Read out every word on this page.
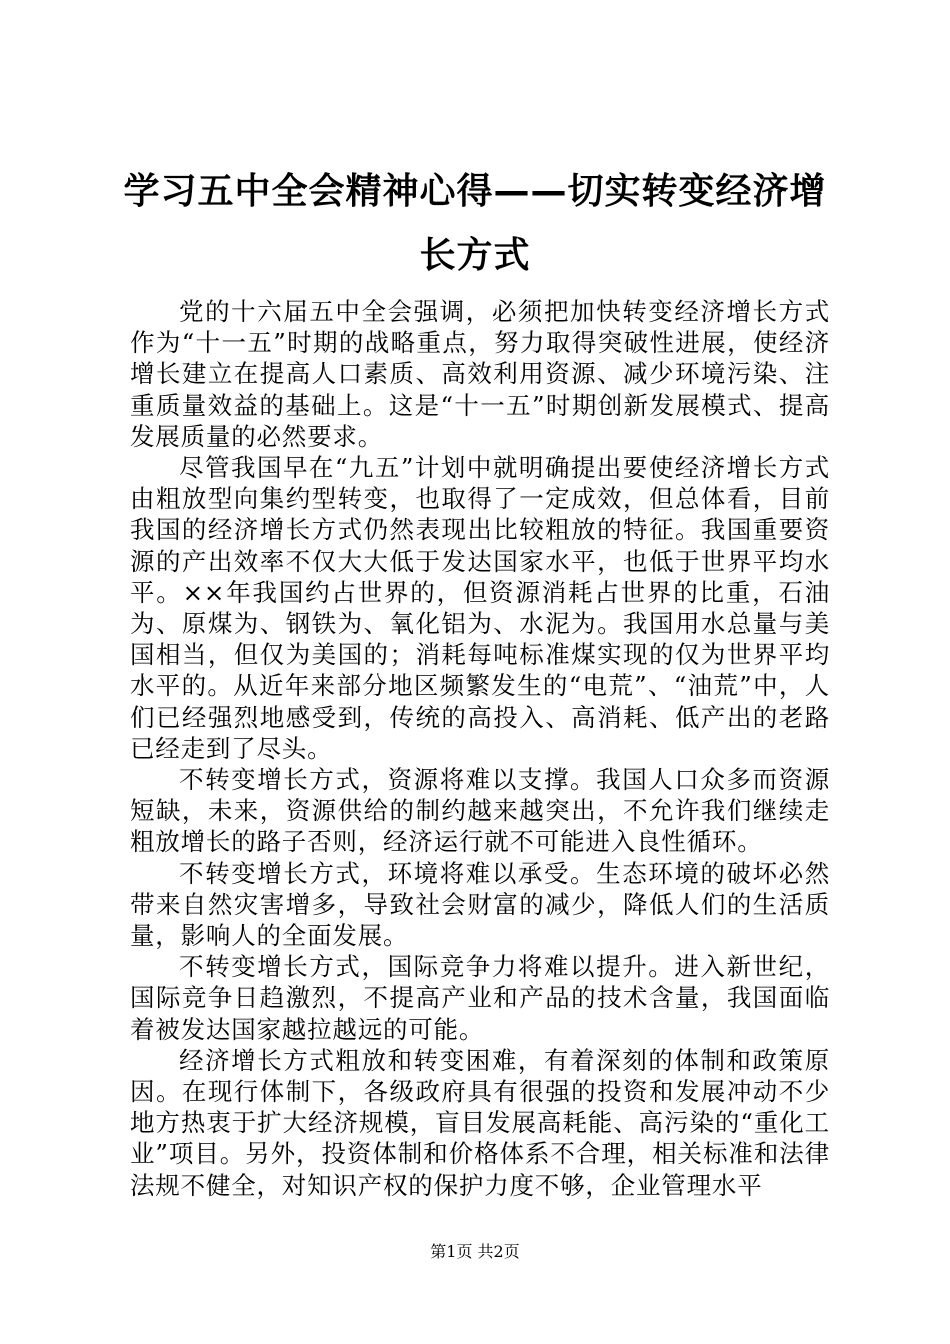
学习五中全会精神心得——切实转变经济增长方式

党的十六届五中全会强调，必须把加快转变经济增长方式作为“十一五”时期的战略重点，努力取得突破性进展，使经济增长建立在提高人口素质、高效利用资源、减少环境污染、注重质量效益的基础上。这是“十一五”时期创新发展模式、提高发展质量的必然要求。

尽管我国早在“九五”计划中就明确提出要使经济增长方式由粗放型向集约型转变，也取得了一定成效，但总体看，目前我国的经济增长方式仍然表现出比较粗放的特征。我国重要资源的产出效率不仅大大低于发达国家水平，也低于世界平均水平。××年我国约占世界的，但资源消耗占世界的比重，石油为、原煤为、钢铁为、氧化铝为、水泥为。我国用水总量与美国相当，但仅为美国的；消耗每吨标准煤实现的仅为世界平均水平的。从近年来部分地区频繁发生的“电荒”、“油荒”中，人们已经强烈地感受到，传统的高投入、高消耗、低产出的老路已经走到了尽头。

不转变增长方式，资源将难以支撑。我国人口众多而资源短缺，未来，资源供给的制约越来越突出，不允许我们继续走粗放增长的路子否则，经济运行就不可能进入良性循环。

不转变增长方式，环境将难以承受。生态环境的破坏必然带来自然灾害增多，导致社会财富的减少，降低人们的生活质量，影响人的全面发展。

不转变增长方式，国际竞争力将难以提升。进入新世纪，国际竞争日趋激烈，不提高产业和产品的技术含量，我国面临着被发达国家越拉越远的可能。

经济增长方式粗放和转变困难，有着深刻的体制和政策原因。在现行体制下，各级政府具有很强的投资和发展冲动不少地方热衷于扩大经济规模，盲目发展高耗能、高污染的“重化工业”项目。另外，投资体制和价格体系不合理，相关标准和法律法规不健全，对知识产权的保护力度不够，企业管理水平

第1页 共2页
